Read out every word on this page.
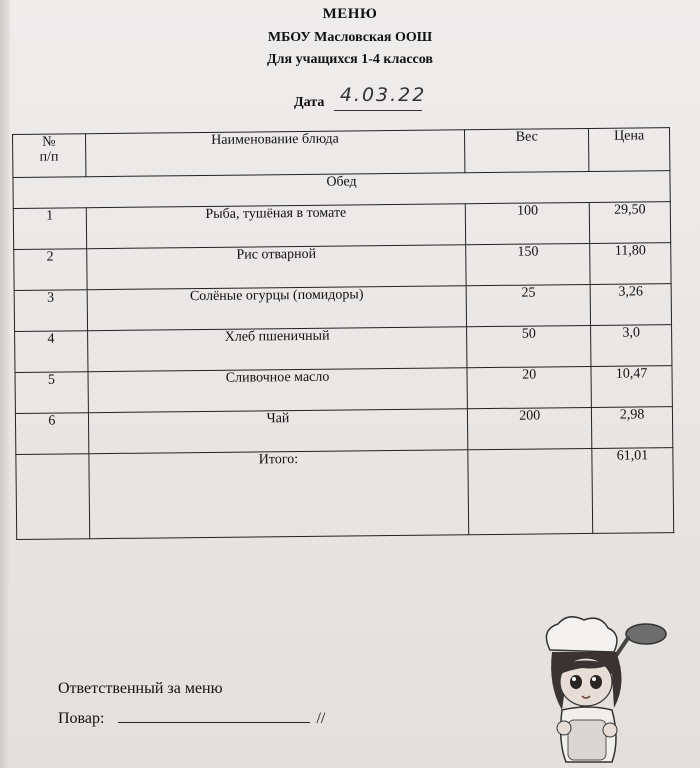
МЕНЮ
МБОУ Масловская ООШ
Для учащихся 1-4 классов
Дата 4.03.22
№
п/п	Наименование блюда	Вес	Цена
Обед			
1	Рыба, тушёная в томате	100	29,50
2	Рис отварной	150	11,80
3	Солёные огурцы (помидоры)	25	3,26
4	Хлеб пшеничный	50	3,0
5	Сливочное масло	20	10,47
6	Чай	200	2,98
	Итого:		61,01
Ответственный за меню
Повар:	//
